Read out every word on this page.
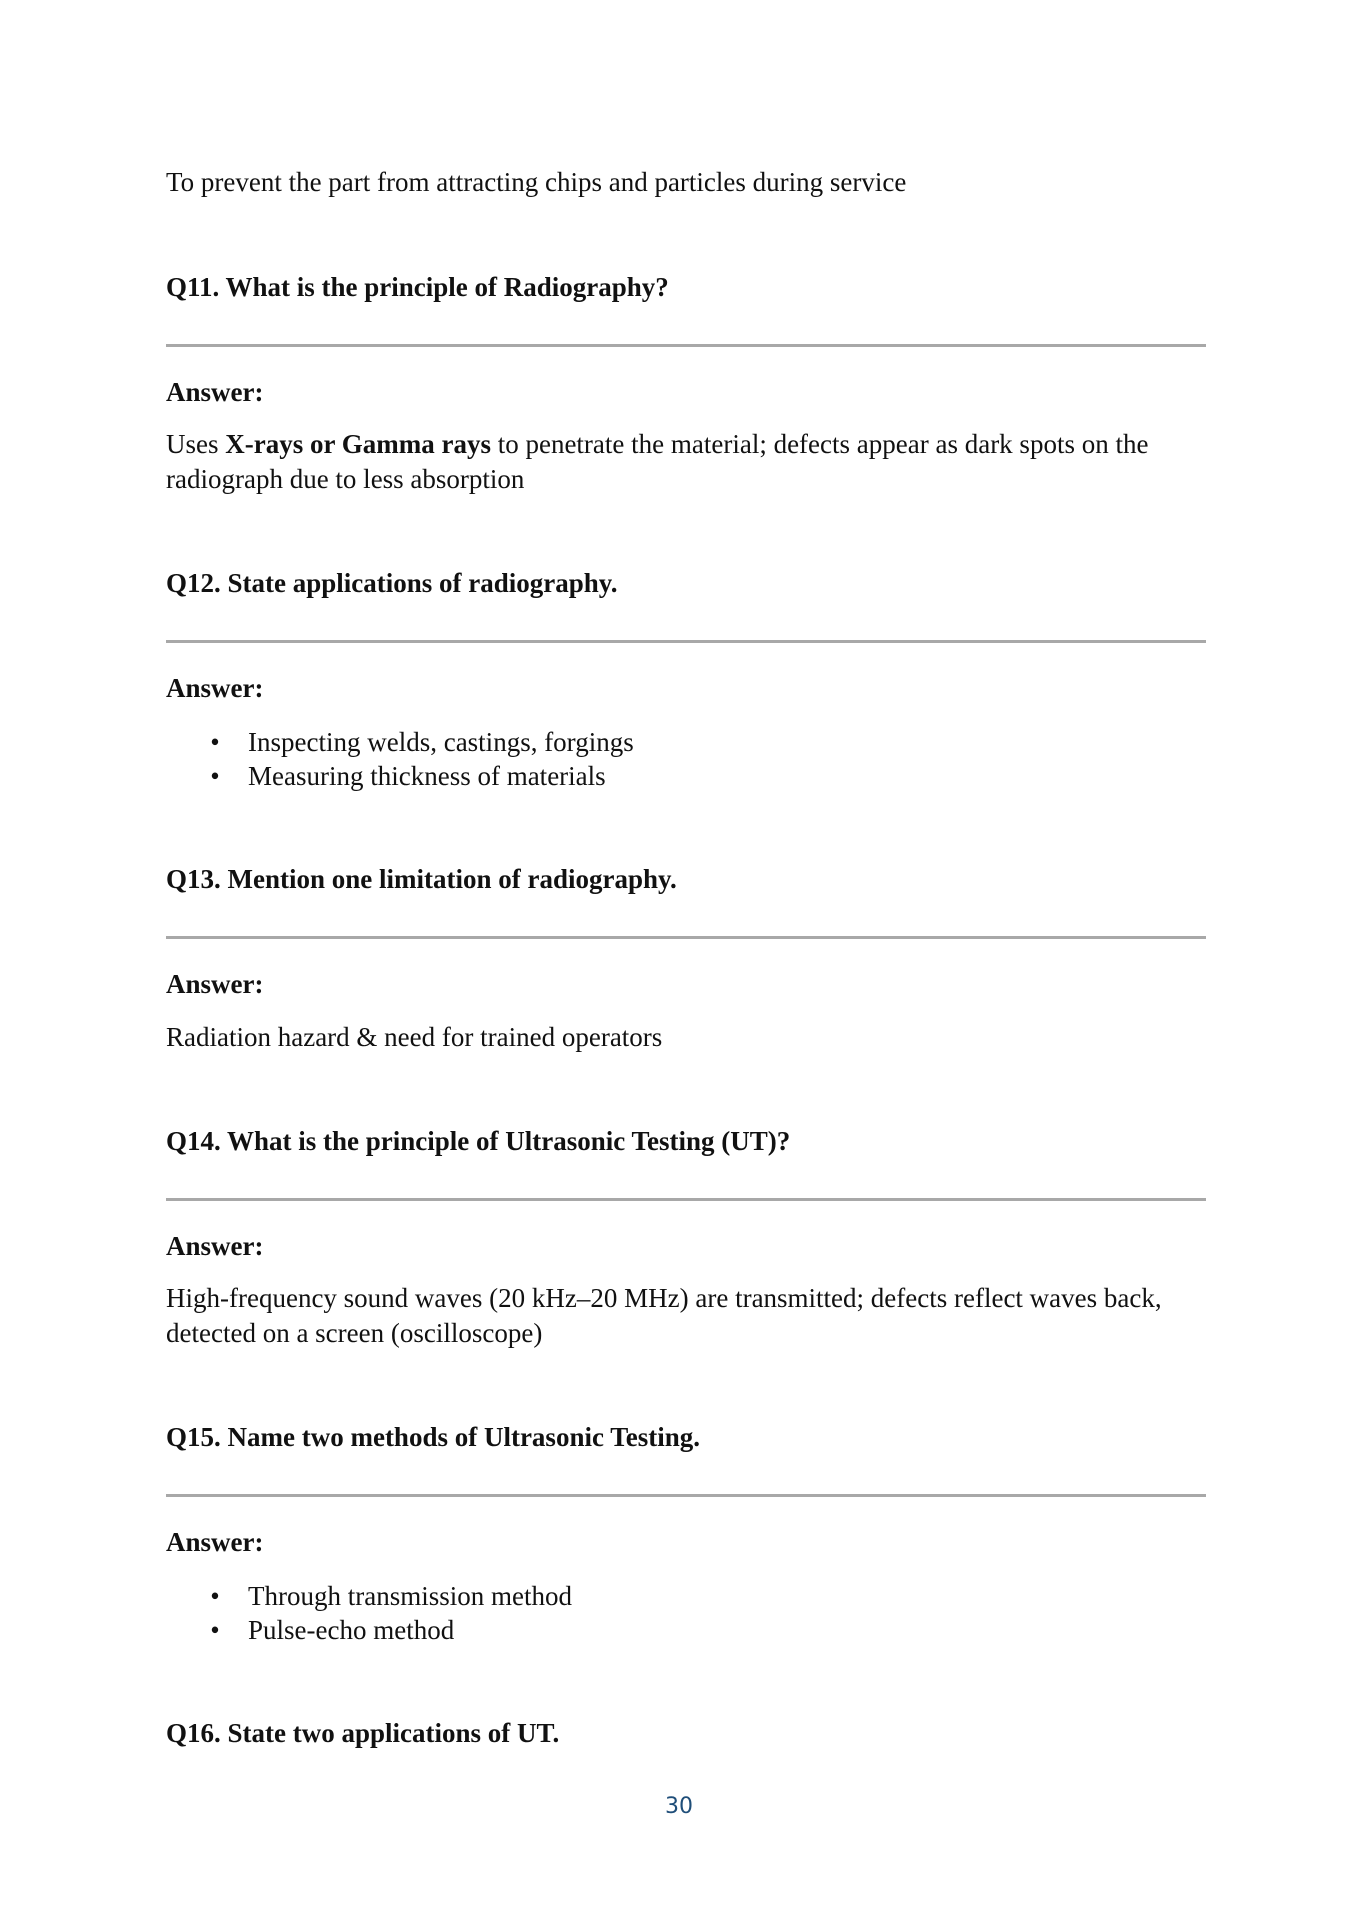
To prevent the part from attracting chips and particles during service
Q11. What is the principle of Radiography?
Answer:
Uses X-rays or Gamma rays to penetrate the material; defects appear as dark spots on the radiograph due to less absorption
Q12. State applications of radiography.
Answer:
• Inspecting welds, castings, forgings
• Measuring thickness of materials
Q13. Mention one limitation of radiography.
Answer:
Radiation hazard & need for trained operators
Q14. What is the principle of Ultrasonic Testing (UT)?
Answer:
High-frequency sound waves (20 kHz–20 MHz) are transmitted; defects reflect waves back, detected on a screen (oscilloscope)
Q15. Name two methods of Ultrasonic Testing.
Answer:
• Through transmission method
• Pulse-echo method
Q16. State two applications of UT.
30
